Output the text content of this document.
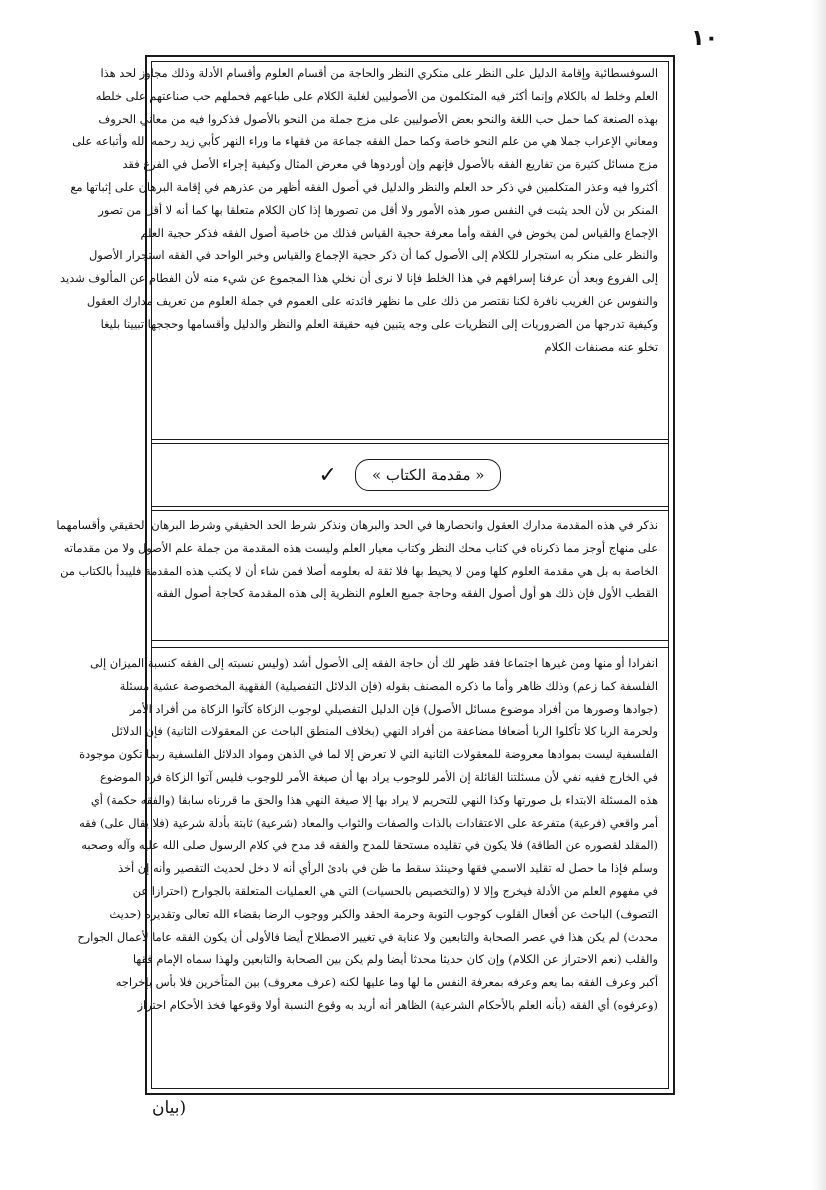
١٠

السوفسطائية وإقامة الدليل على النظر على منكري النظر والحاجة من أقسام العلوم وأقسام الأدلة وذلك مجاوز لحد هذا
العلم وخلط له بالكلام وإنما أكثر فيه المتكلمون من الأصوليين لغلبة الكلام على طباعهم فحملهم حب صناعتهم على خلطه
بهذه الصنعة كما حمل حب اللغة والنحو بعض الأصوليين على مزج جملة من النحو بالأصول فذكروا فيه من معاني الحروف
ومعاني الإعراب جملا هي من علم النحو خاصة وكما حمل الفقه جماعة من فقهاء ما وراء النهر كأبي زيد رحمه الله وأتباعه على
مزج مسائل كثيرة من تفاريع الفقه بالأصول فإنهم وإن أوردوها في معرض المثال وكيفية إجراء الأصل في الفرع فقد
أكثروا فيه وعذر المتكلمين في ذكر حد العلم والنظر والدليل في أصول الفقه أظهر من عذرهم في إقامة البرهان على إثباتها مع
المنكر بن لأن الحد يثبت في النفس صور هذه الأمور ولا أقل من تصورها إذا كان الكلام متعلقا بها كما أنه لا أقل من تصور
الإجماع والقياس لمن يخوض في الفقه وأما معرفة حجية القياس فذلك من خاصية أصول الفقه فذكر حجية العلم
والنظر على منكر به استجرار للكلام إلى الأصول كما أن ذكر حجية الإجماع والقياس وخبر الواحد في الفقه استجرار الأصول
إلى الفروع وبعد أن عرفنا إسرافهم في هذا الخلط فإنا لا نرى أن نخلي هذا المجموع عن شيء منه لأن الفطام عن المألوف شديد
والنفوس عن الغريب نافرة لكنا نقتصر من ذلك على ما نظهر فائدته على العموم في جملة العلوم من تعريف مدارك العقول
وكيفية تدرجها من الضروريات إلى النظريات على وجه يتبين فيه حقيقة العلم والنظر والدليل وأقسامها وحججها تبيينا بليغا
تخلو عنه مصنفات الكلام

« مقدمة الكتاب »
✓

نذكر في هذه المقدمة مدارك العقول وانحصارها في الحد والبرهان ونذكر شرط الحد الحقيقي وشرط البرهان الحقيقي وأقسامهما
على منهاج أوجز مما ذكرناه في كتاب محك النظر وكتاب معيار العلم وليست هذه المقدمة من جملة علم الأصول ولا من مقدماته
الخاصة به بل هي مقدمة العلوم كلها ومن لا يحيط بها فلا ثقة له بعلومه أصلا فمن شاء أن لا يكتب هذه المقدمة فليبدأ بالكتاب من
القطب الأول فإن ذلك هو أول أصول الفقه وحاجة جميع العلوم النظرية إلى هذه المقدمة كحاجة أصول الفقه

انفرادا أو منها ومن غيرها اجتماعا فقد ظهر لك أن حاجة الفقه إلى الأصول أشد (وليس نسبته إلى الفقه كنسبة الميزان إلى
الفلسفة كما زعم) وذلك ظاهر وأما ما ذكره المصنف بقوله (فإن الدلائل التفصيلية) الفقهية المخصوصة عشية مسئلة
(جوادها وصورها من أفراد موضوع مسائل الأصول) فإن الدليل التفصيلي لوجوب الزكاة كآتوا الزكاة من أفراد الأمر
ولحرمة الربا كلا تأكلوا الربا أضعافا مضاعفة من أفراد النهي (بخلاف المنطق الباحث عن المعقولات الثانية) فإن الدلائل
الفلسفية ليست بموادها معروضة للمعقولات الثانية التي لا تعرض إلا لما في الذهن ومواد الدلائل الفلسفية ربما تكون موجودة
في الخارج ففيه نفي لأن مسئلتنا القائلة إن الأمر للوجوب يراد بها أن صيغة الأمر للوجوب فليس آتوا الزكاة فرد الموضوع
هذه المسئلة الابتداء بل صورتها وكذا النهي للتحريم لا يراد بها إلا صيغة النهي هذا والحق ما قررناه سابقا (والفقه حكمة) أي
أمر واقعي (فرعية) متفرعة على الاعتقادات بالذات والصفات والثواب والمعاد (شرعية) ثابتة بأدلة شرعية (فلا يقال على) فقه
(المقلد لقصوره عن الطاقة) فلا يكون في تقليده مستحقا للمدح والفقه قد مدح في كلام الرسول صلى الله عليه وآله وصحبه
وسلم فإذا ما حصل له تقليد الاسمي فقها وحينئذ سقط ما ظن في بادئ الرأي أنه لا دخل لحديث التقصير وأنه إن أخذ
في مفهوم العلم من الأدلة فيخرج وإلا لا (والتخصيص بالحسيات) التي هي العمليات المتعلقة بالجوارح (احترازا عن
التصوف) الباحث عن أفعال القلوب كوجوب التوبة وحرمة الحقد والكبر ووجوب الرضا بقضاء الله تعالى وتقديره (حديث
محدث) لم يكن هذا في عصر الصحابة والتابعين ولا عناية في تغيير الاصطلاح أيضا فالأولى أن يكون الفقه عاما لأعمال الجوارح
والقلب (نعم الاحتراز عن الكلام) وإن كان حديثا محدثا أيضا ولم يكن بين الصحابة والتابعين ولهذا سماه الإمام فقها
أكبر وعرف الفقه بما يعم وعرفه بمعرفة النفس ما لها وما عليها لكنه (عرف معروف) بين المتأخرين فلا بأس بإخراجه
(وعرفوه) أي الفقه (بأنه العلم بالأحكام الشرعية) الظاهر أنه أريد به وقوع النسبة أولا وقوعها فخذ الأحكام احتراز

(بيان
